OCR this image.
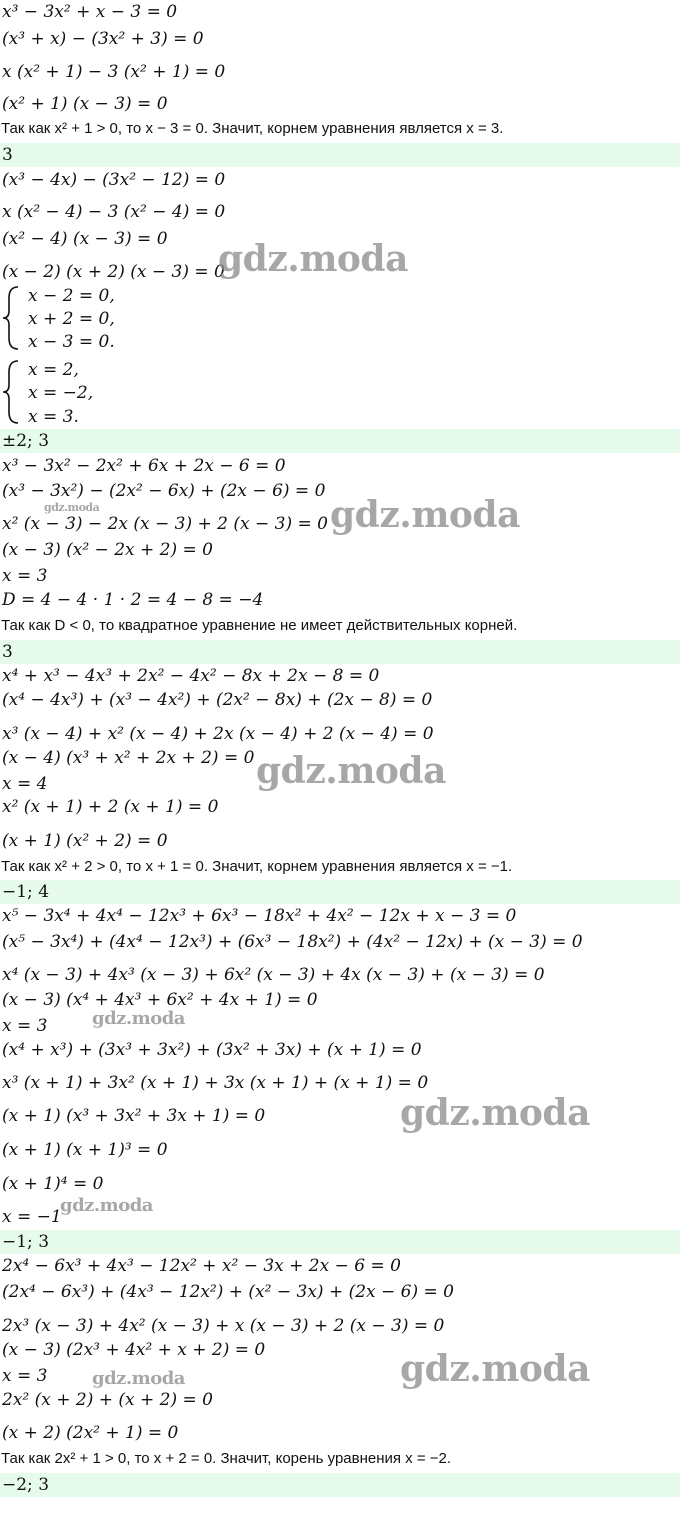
x³ − 3x² + x − 3 = 0
(x³ + x) − (3x² + 3) = 0
x (x² + 1) − 3 (x² + 1) = 0
(x² + 1) (x − 3) = 0
Так как x² + 1 > 0, то x − 3 = 0. Значит, корнем уравнения является x = 3.
3
(x³ − 4x) − (3x² − 12) = 0
x (x² − 4) − 3 (x² − 4) = 0
(x² − 4) (x − 3) = 0
(x − 2) (x + 2) (x − 3) = 0
x − 2 = 0,
x + 2 = 0,
x − 3 = 0.
x = 2,
x = −2,
x = 3.
±2; 3
x³ − 3x² − 2x² + 6x + 2x − 6 = 0
(x³ − 3x²) − (2x² − 6x) + (2x − 6) = 0
x² (x − 3) − 2x (x − 3) + 2 (x − 3) = 0
(x − 3) (x² − 2x + 2) = 0
x = 3
D = 4 − 4 · 1 · 2 = 4 − 8 = −4
Так как D < 0, то квадратное уравнение не имеет действительных корней.
3
x⁴ + x³ − 4x³ + 2x² − 4x² − 8x + 2x − 8 = 0
(x⁴ − 4x³) + (x³ − 4x²) + (2x² − 8x) + (2x − 8) = 0
x³ (x − 4) + x² (x − 4) + 2x (x − 4) + 2 (x − 4) = 0
(x − 4) (x³ + x² + 2x + 2) = 0
x = 4
x² (x + 1) + 2 (x + 1) = 0
(x + 1) (x² + 2) = 0
Так как x² + 2 > 0, то x + 1 = 0. Значит, корнем уравнения является x = −1.
−1; 4
x⁵ − 3x⁴ + 4x⁴ − 12x³ + 6x³ − 18x² + 4x² − 12x + x − 3 = 0
(x⁵ − 3x⁴) + (4x⁴ − 12x³) + (6x³ − 18x²) + (4x² − 12x) + (x − 3) = 0
x⁴ (x − 3) + 4x³ (x − 3) + 6x² (x − 3) + 4x (x − 3) + (x − 3) = 0
(x − 3) (x⁴ + 4x³ + 6x² + 4x + 1) = 0
x = 3
(x⁴ + x³) + (3x³ + 3x²) + (3x² + 3x) + (x + 1) = 0
x³ (x + 1) + 3x² (x + 1) + 3x (x + 1) + (x + 1) = 0
(x + 1) (x³ + 3x² + 3x + 1) = 0
(x + 1) (x + 1)³ = 0
(x + 1)⁴ = 0
x = −1
−1; 3
2x⁴ − 6x³ + 4x³ − 12x² + x² − 3x + 2x − 6 = 0
(2x⁴ − 6x³) + (4x³ − 12x²) + (x² − 3x) + (2x − 6) = 0
2x³ (x − 3) + 4x² (x − 3) + x (x − 3) + 2 (x − 3) = 0
(x − 3) (2x³ + 4x² + x + 2) = 0
x = 3
2x² (x + 2) + (x + 2) = 0
(x + 2) (2x² + 1) = 0
Так как 2x² + 1 > 0, то x + 2 = 0. Значит, корень уравнения x = −2.
−2; 3
gdz.moda
gdz.moda
gdz.moda
gdz.moda
gdz.moda
gdz.moda
gdz.moda
gdz.moda	gdz.moda
